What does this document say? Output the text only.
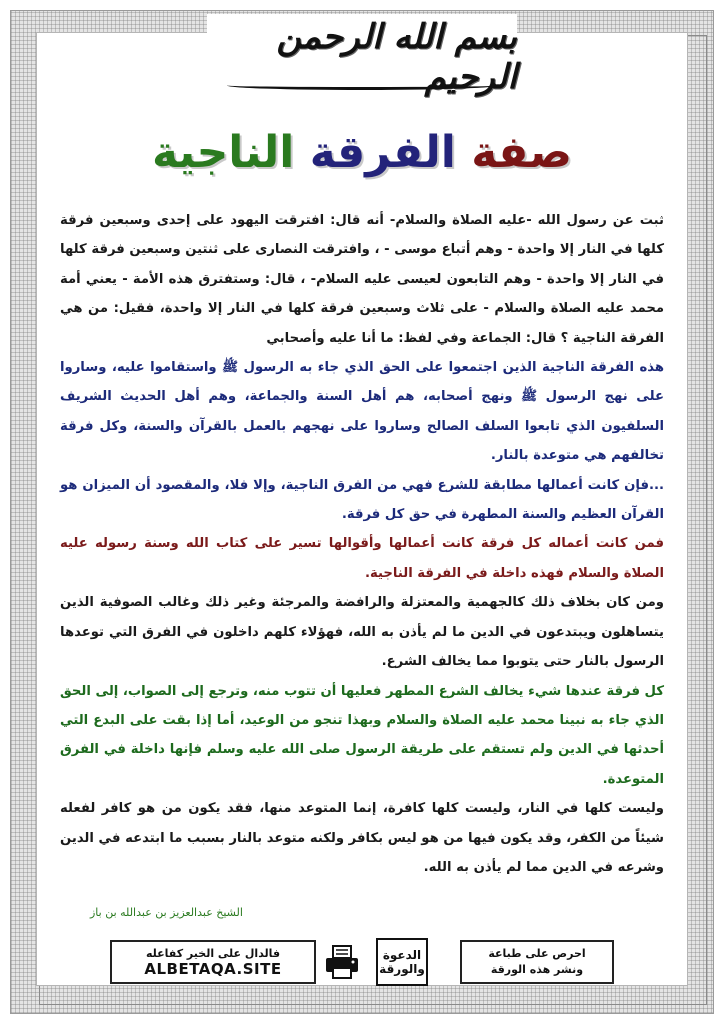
بسم الله الرحمن الرحيم
صفة الفرقة الناجية

ثبت عن رسول الله -عليه الصلاة والسلام- أنه قال: افترقت اليهود على إحدى وسبعين فرقة كلها في النار إلا واحدة - وهم أتباع موسى - ، وافترقت النصارى على ثنتين وسبعين فرقة كلها في النار إلا واحدة - وهم التابعون لعيسى عليه السلام- ، قال: وستفترق هذه الأمة - يعني أمة محمد عليه الصلاة والسلام - على ثلاث وسبعين فرقة كلها في النار إلا واحدة، فقيل: من هي الفرقة الناجية ؟ قال: الجماعة وفي لفظ: ما أنا عليه وأصحابي

هذه الفرقة الناجية الذين اجتمعوا على الحق الذي جاء به الرسول ﷺ واستقاموا عليه، وساروا على نهج الرسول ﷺ ونهج أصحابه، هم أهل السنة والجماعة، وهم أهل الحديث الشريف السلفيون الذي تابعوا السلف الصالح وساروا على نهجهم بالعمل بالقرآن والسنة، وكل فرقة تخالفهم هي متوعدة بالنار.

...فإن كانت أعمالها مطابقة للشرع فهي من الفرق الناجية، وإلا فلا، والمقصود أن الميزان هو القرآن العظيم والسنة المطهرة في حق كل فرقة.

فمن كانت أعماله كل فرقة كانت أعمالها وأقوالها تسير على كتاب الله وسنة رسوله عليه الصلاة والسلام فهذه داخلة في الفرقة الناجية.

ومن كان بخلاف ذلك كالجهمية والمعتزلة والرافضة والمرجئة وغير ذلك وغالب الصوفية الذين يتساهلون ويبتدعون في الدين ما لم يأذن به الله، فهؤلاء كلهم داخلون في الفرق التي توعدها الرسول بالنار حتى يتوبوا مما يخالف الشرع.

كل فرقة عندها شيء يخالف الشرع المطهر فعليها أن تتوب منه، وترجع إلى الصواب، إلى الحق الذي جاء به نبينا محمد عليه الصلاة والسلام وبهذا تنجو من الوعيد، أما إذا بقت على البدع التي أحدثها في الدين ولم تستقم على طريقة الرسول صلى الله عليه وسلم فإنها داخلة في الفرق المتوعدة.

وليست كلها في النار، وليست كلها كافرة، إنما المتوعد منها، فقد يكون من هو كافر لفعله شيئاً من الكفر، وقد يكون فيها من هو ليس بكافر ولكنه متوعد بالنار بسبب ما ابتدعه في الدين وشرعه في الدين مما لم يأذن به الله.

الشيخ عبدالعزيز بن عبدالله بن باز
فالدال على الخير كفاعله
ALBETAQA.SITE
الدعوة والورقة
احرص على طباعة
ونشر هذه الورقة
